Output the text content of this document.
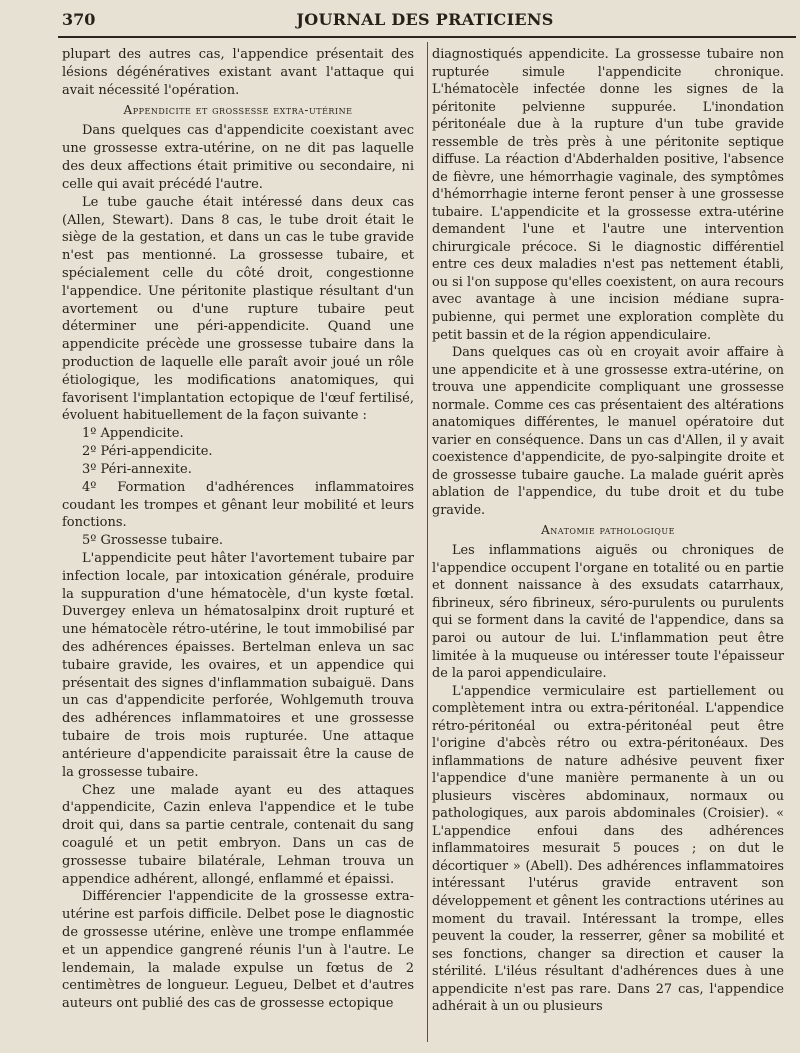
370	JOURNAL DES PRATICIENS

plupart des autres cas, l'appendice présentait des lésions dégénératives existant avant l'attaque qui avait nécessité l'opération.

Appendicite et grossesse extra-utérine

Dans quelques cas d'appendicite coexistant avec une grossesse extra-utérine, on ne dit pas laquelle des deux affections était primitive ou secondaire, ni celle qui avait précédé l'autre.

Le tube gauche était intéressé dans deux cas (Allen, Stewart). Dans 8 cas, le tube droit était le siège de la gestation, et dans un cas le tube gravide n'est pas mentionné. La grossesse tubaire, et spécialement celle du côté droit, congestionne l'appendice. Une péritonite plastique résultant d'un avortement ou d'une rupture tubaire peut déterminer une péri-appendicite. Quand une appendicite précède une grossesse tubaire dans la production de laquelle elle paraît avoir joué un rôle étiologique, les modifications anatomiques, qui favorisent l'implantation ectopique de l'œuf fertilisé, évoluent habituellement de la façon suivante :

1º Appendicite.

2º Péri-appendicite.

3º Péri-annexite.

4º Formation d'adhérences inflammatoires coudant les trompes et gênant leur mobilité et leurs fonctions.

5º Grossesse tubaire.

L'appendicite peut hâter l'avortement tubaire par infection locale, par intoxication générale, produire la suppuration d'une hématocèle, d'un kyste fœtal. Duvergey enleva un hématosalpinx droit rupturé et une hématocèle rétro-utérine, le tout immobilisé par des adhérences épaisses. Bertelman enleva un sac tubaire gravide, les ovaires, et un appendice qui présentait des signes d'inflammation subaiguë. Dans un cas d'appendicite perforée, Wohlgemuth trouva des adhérences inflammatoires et une grossesse tubaire de trois mois rupturée. Une attaque antérieure d'appendicite paraissait être la cause de la grossesse tubaire.

Chez une malade ayant eu des attaques d'appendicite, Cazin enleva l'appendice et le tube droit qui, dans sa partie centrale, contenait du sang coagulé et un petit embryon. Dans un cas de grossesse tubaire bilatérale, Lehman trouva un appendice adhérent, allongé, enflammé et épaissi.

Différencier l'appendicite de la grossesse extra-utérine est parfois difficile. Delbet pose le diagnostic de grossesse utérine, enlève une trompe enflammée et un appendice gangrené réunis l'un à l'autre. Le lendemain, la malade expulse un fœtus de 2 centimètres de longueur. Legueu, Delbet et d'autres auteurs ont publié des cas de grossesse ectopique

diagnostiqués appendicite. La grossesse tubaire non rupturée simule l'appendicite chronique. L'hématocèle infectée donne les signes de la péritonite pelvienne suppurée. L'inondation péritonéale due à la rupture d'un tube gravide ressemble de très près à une péritonite septique diffuse. La réaction d'Abderhalden positive, l'absence de fièvre, une hémorrhagie vaginale, des symptômes d'hémorrhagie interne feront penser à une grossesse tubaire. L'appendicite et la grossesse extra-utérine demandent l'une et l'autre une intervention chirurgicale précoce. Si le diagnostic différentiel entre ces deux maladies n'est pas nettement établi, ou si l'on suppose qu'elles coexistent, on aura recours avec avantage à une incision médiane supra-pubienne, qui permet une exploration complète du petit bassin et de la région appendiculaire.

Dans quelques cas où en croyait avoir affaire à une appendicite et à une grossesse extra-utérine, on trouva une appendicite compliquant une grossesse normale. Comme ces cas présentaient des altérations anatomiques différentes, le manuel opératoire dut varier en conséquence. Dans un cas d'Allen, il y avait coexistence d'appendicite, de pyo-salpingite droite et de grossesse tubaire gauche. La malade guérit après ablation de l'appendice, du tube droit et du tube gravide.

Anatomie pathologique

Les inflammations aiguës ou chroniques de l'appendice occupent l'organe en totalité ou en partie et donnent naissance à des exsudats catarrhaux, fibrineux, séro fibrineux, séro-purulents ou purulents qui se forment dans la cavité de l'appendice, dans sa paroi ou autour de lui. L'inflammation peut être limitée à la muqueuse ou intéresser toute l'épaisseur de la paroi appendiculaire.

L'appendice vermiculaire est partiellement ou complètement intra ou extra-péritonéal. L'appendice rétro-péritonéal ou extra-péritonéal peut être l'origine d'abcès rétro ou extra-péritonéaux. Des inflammations de nature adhésive peuvent fixer l'appendice d'une manière permanente à un ou plusieurs viscères abdominaux, normaux ou pathologiques, aux parois abdominales (Croisier). « L'appendice enfoui dans des adhérences inflammatoires mesurait 5 pouces ; on dut le décortiquer » (Abell). Des adhérences inflammatoires intéressant l'utérus gravide entravent son développement et gênent les contractions utérines au moment du travail. Intéressant la trompe, elles peuvent la couder, la resserrer, gêner sa mobilité et ses fonctions, changer sa direction et causer la stérilité. L'iléus résultant d'adhérences dues à une appendicite n'est pas rare. Dans 27 cas, l'appendice adhérait à un ou plusieurs
